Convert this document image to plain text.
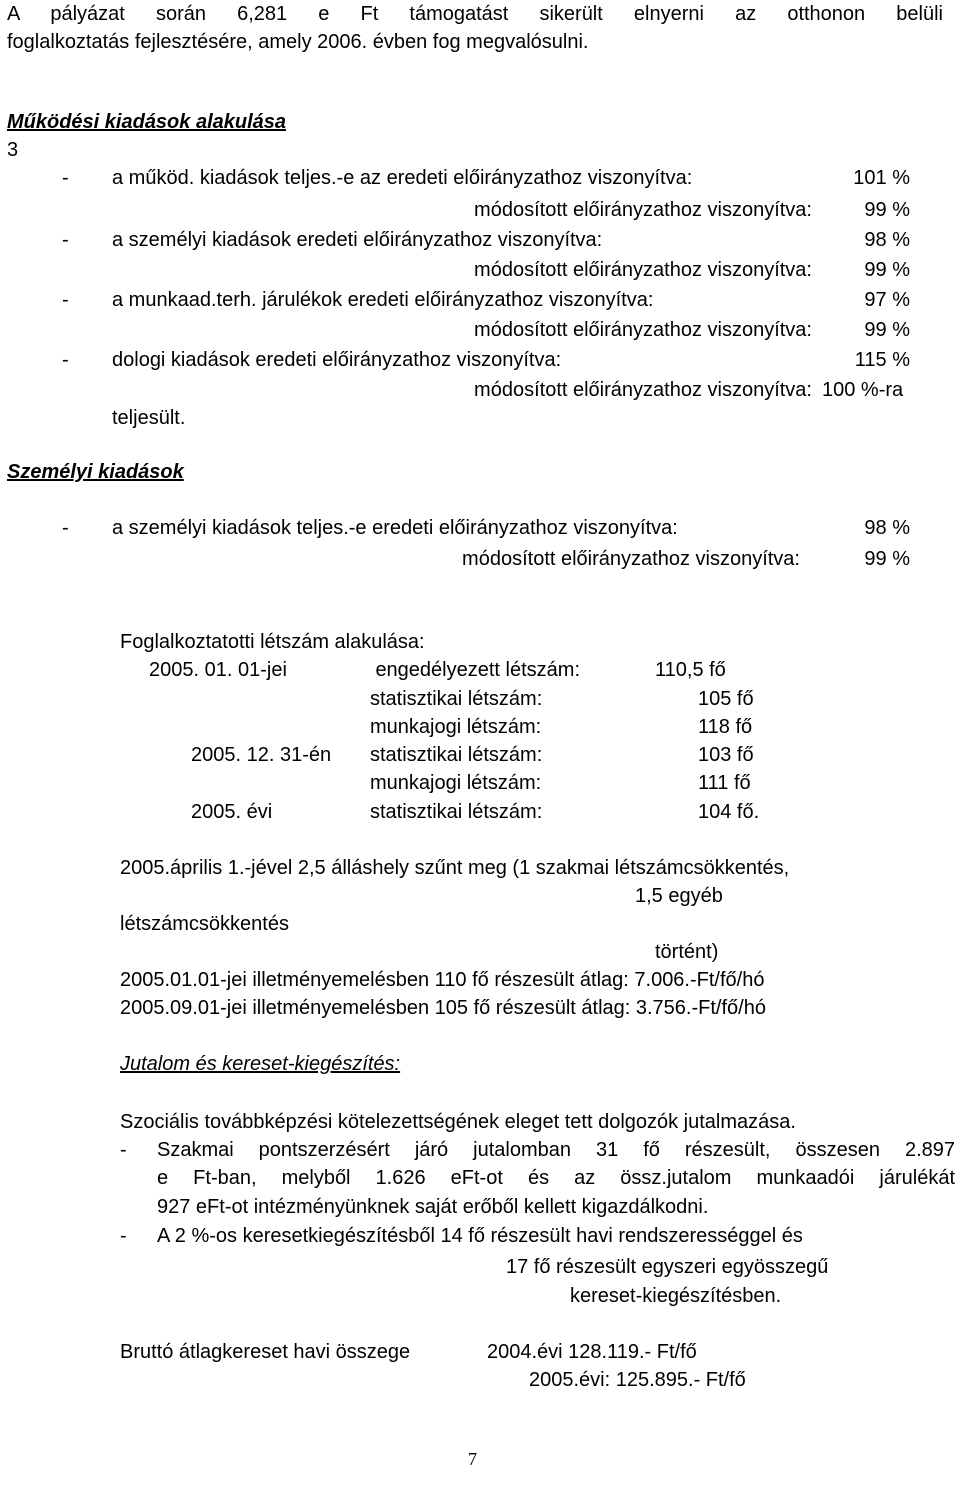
A pályázat során 6,281 e Ft támogatást sikerült elnyerni az otthonon belüli
foglalkoztatás fejlesztésére, amely 2006. évben fog megvalósulni.
Működési kiadások alakulása
3
- a működ. kiadások teljes.-e az eredeti előirányzathoz viszonyítva:	101 %
módosított előirányzathoz viszonyítva:	99 %
- a személyi kiadások eredeti előirányzathoz viszonyítva:	98 %
módosított előirányzathoz viszonyítva:	99 %
- a munkaad.terh. járulékok eredeti előirányzathoz viszonyítva:	97 %
módosított előirányzathoz viszonyítva:	99 %
- dologi kiadások eredeti előirányzathoz viszonyítva:	115 %
módosított előirányzathoz viszonyítva: 100 %-ra
teljesült.
Személyi kiadások
- a személyi kiadások teljes.-e eredeti előirányzathoz viszonyítva:	98 %
módosított előirányzathoz viszonyítva:	99 %
Foglalkoztatotti létszám alakulása:
2005. 01. 01-jei	engedélyezett létszám:	110,5 fő
statisztikai létszám:	105 fő
munkajogi létszám:	118 fő
2005. 12. 31-én statisztikai létszám:	103 fő
munkajogi létszám:	111 fő
2005. évi	statisztikai létszám:	104 fő.
2005.április 1.-jével 2,5 álláshely szűnt meg (1 szakmai létszámcsökkentés,
1,5 egyéb
létszámcsökkentés
történt)
2005.01.01-jei illetményemelésben 110 fő részesült átlag: 7.006.-Ft/fő/hó
2005.09.01-jei illetményemelésben 105 fő részesült átlag: 3.756.-Ft/fő/hó
Jutalom és kereset-kiegészítés:
Szociális továbbképzési kötelezettségének eleget tett dolgozók jutalmazása.
- Szakmai pontszerzésért járó jutalomban 31 fő részesült, összesen 2.897
e Ft-ban, melyből 1.626 eFt-ot és az össz.jutalom munkaadói járulékát
927 eFt-ot intézményünknek saját erőből kellett kigazdálkodni.
- A 2 %-os keresetkiegészítésből 14 fő részesült havi rendszerességgel és
17 fő részesült egyszeri egyösszegű
kereset-kiegészítésben.
Bruttó átlagkereset havi összege	2004.évi 128.119.- Ft/fő
2005.évi: 125.895.- Ft/fő
7
